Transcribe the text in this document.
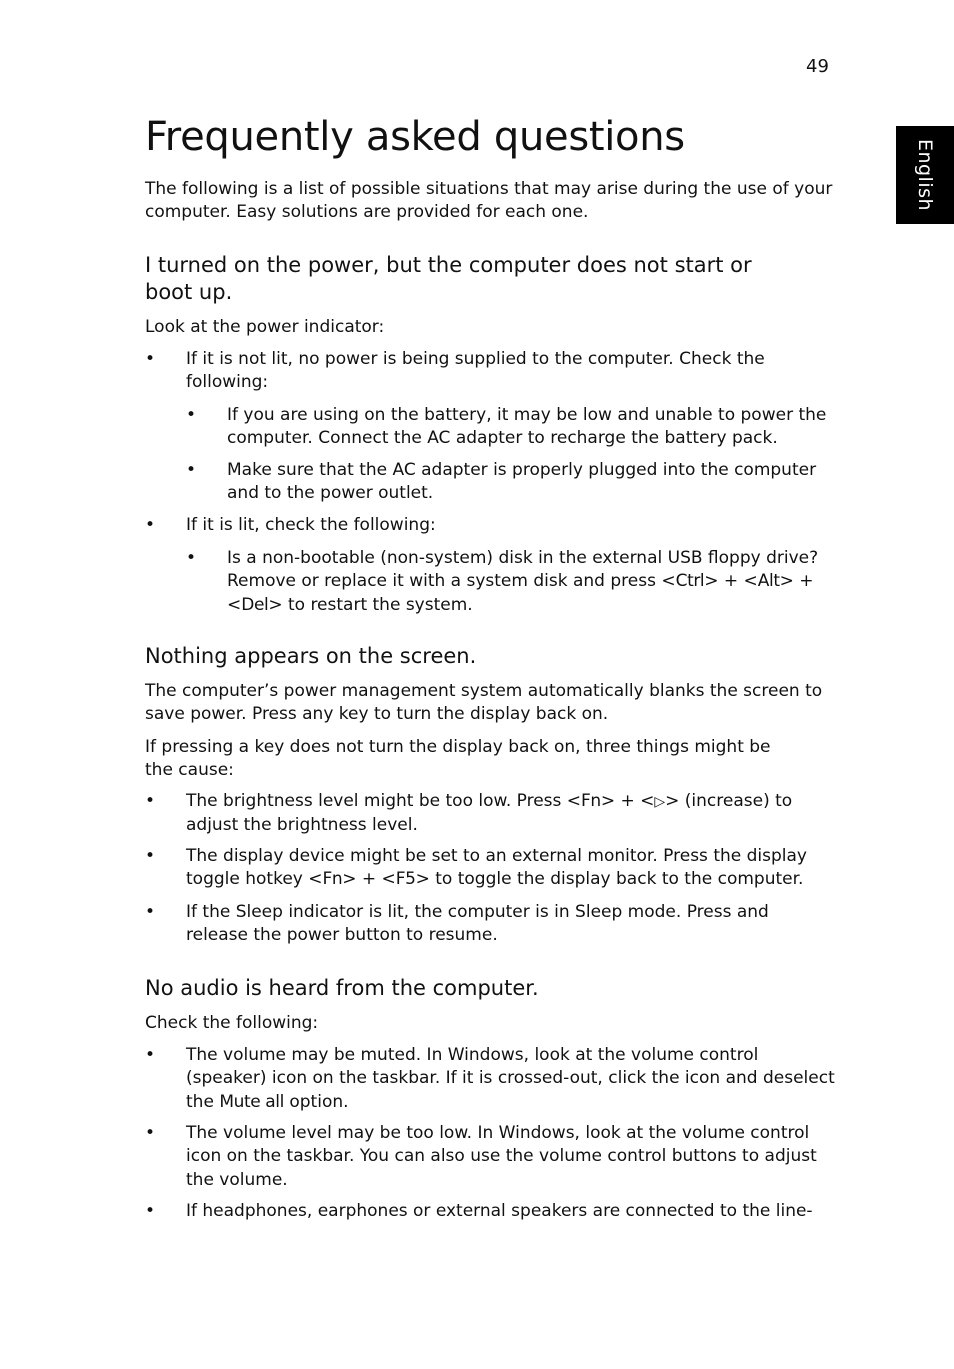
49
English
Frequently asked questions
The following is a list of possible situations that may arise during the use of your computer. Easy solutions are provided for each one.
I turned on the power, but the computer does not start or boot up.
Look at the power indicator:
• If it is not lit, no power is being supplied to the computer. Check the following:
• If you are using on the battery, it may be low and unable to power the computer. Connect the AC adapter to recharge the battery pack.
• Make sure that the AC adapter is properly plugged into the computer and to the power outlet.
• If it is lit, check the following:
• Is a non-bootable (non-system) disk in the external USB floppy drive? Remove or replace it with a system disk and press <Ctrl> + <Alt> + <Del> to restart the system.
Nothing appears on the screen.
The computer’s power management system automatically blanks the screen to save power. Press any key to turn the display back on.
If pressing a key does not turn the display back on, three things might be the cause:
• The brightness level might be too low. Press <Fn> + <▷> (increase) to adjust the brightness level.
• The display device might be set to an external monitor. Press the display toggle hotkey <Fn> + <F5> to toggle the display back to the computer.
• If the Sleep indicator is lit, the computer is in Sleep mode. Press and release the power button to resume.
No audio is heard from the computer.
Check the following:
• The volume may be muted. In Windows, look at the volume control (speaker) icon on the taskbar. If it is crossed-out, click the icon and deselect the Mute all option.
• The volume level may be too low. In Windows, look at the volume control icon on the taskbar. You can also use the volume control buttons to adjust the volume.
• If headphones, earphones or external speakers are connected to the line-
